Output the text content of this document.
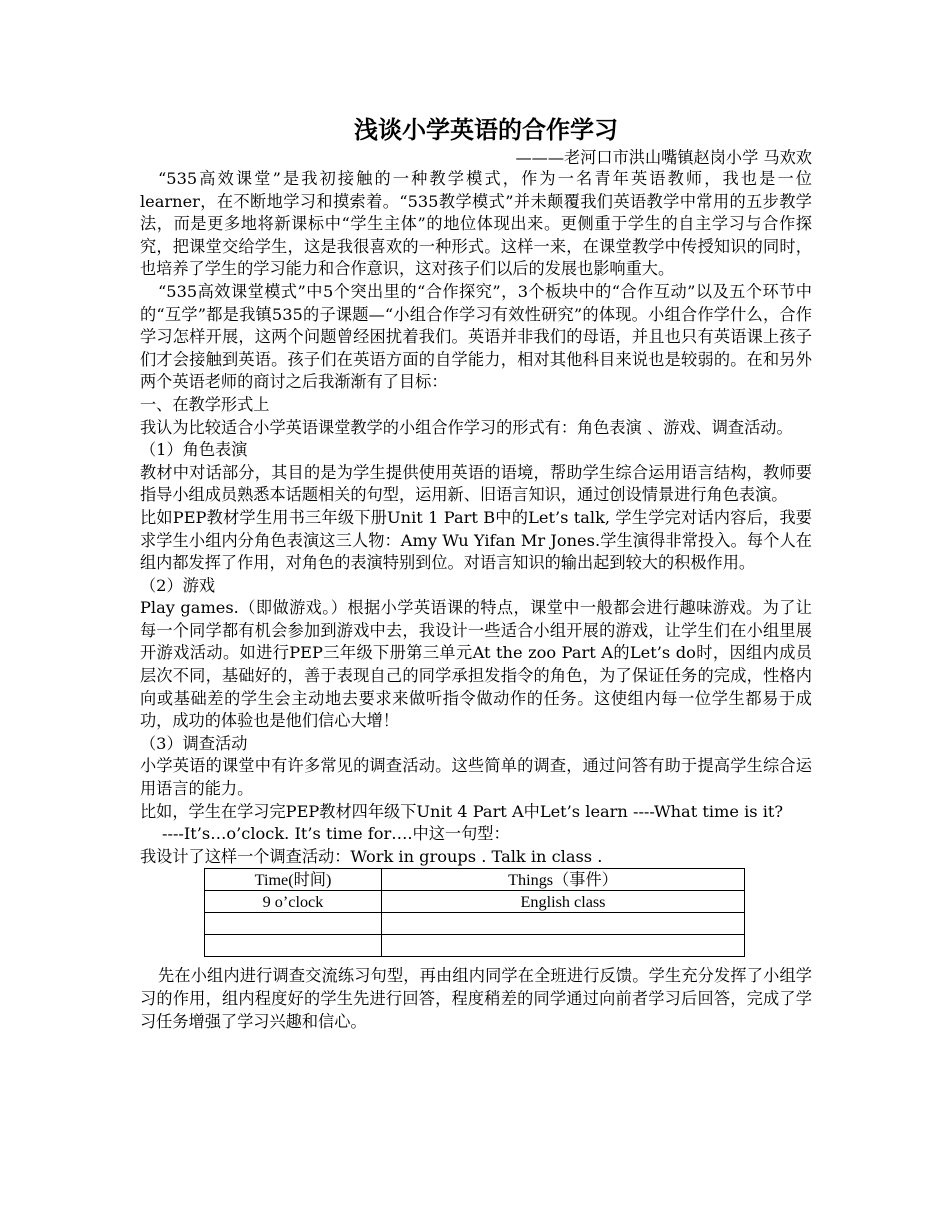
浅谈小学英语的合作学习
———老河口市洪山嘴镇赵岗小学 马欢欢

“535高效课堂”是我初接触的一种教学模式，作为一名青年英语教师，我也是一位learner，在不断地学习和摸索着。“535教学模式”并未颠覆我们英语教学中常用的五步教学法，而是更多地将新课标中“学生主体”的地位体现出来。更侧重于学生的自主学习与合作探究，把课堂交给学生，这是我很喜欢的一种形式。这样一来，在课堂教学中传授知识的同时，也培养了学生的学习能力和合作意识，这对孩子们以后的发展也影响重大。

“535高效课堂模式”中5个突出里的“合作探究”，3个板块中的“合作互动”以及五个环节中的“互学”都是我镇535的子课题—“小组合作学习有效性研究”的体现。小组合作学什么，合作学习怎样开展，这两个问题曾经困扰着我们。英语并非我们的母语，并且也只有英语课上孩子们才会接触到英语。孩子们在英语方面的自学能力，相对其他科目来说也是较弱的。在和另外两个英语老师的商讨之后我渐渐有了目标：

一、在教学形式上

我认为比较适合小学英语课堂教学的小组合作学习的形式有：角色表演 、游戏、调查活动。

（1）角色表演

教材中对话部分，其目的是为学生提供使用英语的语境，帮助学生综合运用语言结构，教师要指导小组成员熟悉本话题相关的句型，运用新、旧语言知识，通过创设情景进行角色表演。

比如PEP教材学生用书三年级下册Unit 1 Part B中的Let’s talk, 学生学完对话内容后，我要求学生小组内分角色表演这三人物：Amy Wu Yifan Mr Jones.学生演得非常投入。每个人在组内都发挥了作用，对角色的表演特别到位。对语言知识的输出起到较大的积极作用。

（2）游戏

Play games.（即做游戏。）根据小学英语课的特点，课堂中一般都会进行趣味游戏。为了让每一个同学都有机会参加到游戏中去，我设计一些适合小组开展的游戏，让学生们在小组里展开游戏活动。如进行PEP三年级下册第三单元At the zoo Part A的Let’s do时，因组内成员层次不同，基础好的，善于表现自己的同学承担发指令的角色，为了保证任务的完成，性格内向或基础差的学生会主动地去要求来做听指令做动作的任务。这使组内每一位学生都易于成功，成功的体验也是他们信心大增！

（3）调查活动

小学英语的课堂中有许多常见的调查活动。这些简单的调查，通过问答有助于提高学生综合运用语言的能力。

比如，学生在学习完PEP教材四年级下Unit 4 Part A中Let’s learn ----What time is it?

----It’s…o’clock. It’s time for….中这一句型：

我设计了这样一个调查活动：Work in groups . Talk in class .

Time(时间)	Things（事件）
9 o’clock	English class

先在小组内进行调查交流练习句型，再由组内同学在全班进行反馈。学生充分发挥了小组学习的作用，组内程度好的学生先进行回答，程度稍差的同学通过向前者学习后回答，完成了学习任务增强了学习兴趣和信心。
